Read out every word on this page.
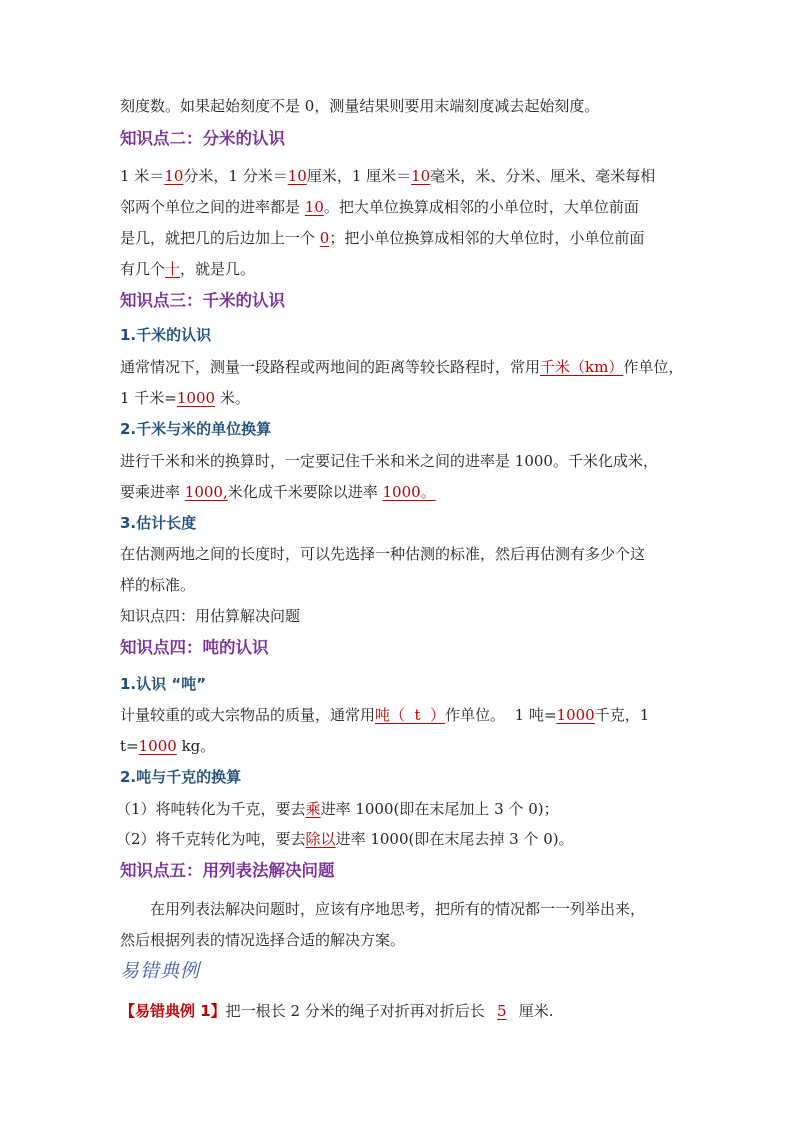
刻度数。如果起始刻度不是 0，测量结果则要用末端刻度减去起始刻度。
知识点二：分米的认识
1 米＝10分米，1 分米＝10厘米，1 厘米＝10毫米，米、分米、厘米、毫米每相
邻两个单位之间的进率都是 10。把大单位换算成相邻的小单位时，大单位前面
是几，就把几的后边加上一个 0；把小单位换算成相邻的大单位时，小单位前面
有几个十，就是几。
知识点三：千米的认识
1.千米的认识
通常情况下，测量一段路程或两地间的距离等较长路程时，常用千米（km）作单位，
1 千米=1000 米。
2.千米与米的单位换算
进行千米和米的换算时，一定要记住千米和米之间的进率是 1000。千米化成米，
要乘进率 1000,米化成千米要除以进率 1000。
3.估计长度
在估测两地之间的长度时，可以先选择一种估测的标准，然后再估测有多少个这
样的标准。
知识点四：用估算解决问题
知识点四：吨的认识
1.认识 “吨”
计量较重的或大宗物品的质量，通常用吨（  t  ）作单位。  1 吨=1000千克，1
t=1000 kg。
2.吨与千克的换算
（1）将吨转化为千克，要去乘进率 1000(即在末尾加上 3 个 0)；
（2）将千克转化为吨，要去除以进率 1000(即在末尾去掉 3 个 0)。
知识点五：用列表法解决问题
在用列表法解决问题时，应该有序地思考，把所有的情况都一一列举出来，
然后根据列表的情况选择合适的解决方案。
易错典例
【易错典例 1】把一根长 2 分米的绳子对折再对折后长 5 厘米.
